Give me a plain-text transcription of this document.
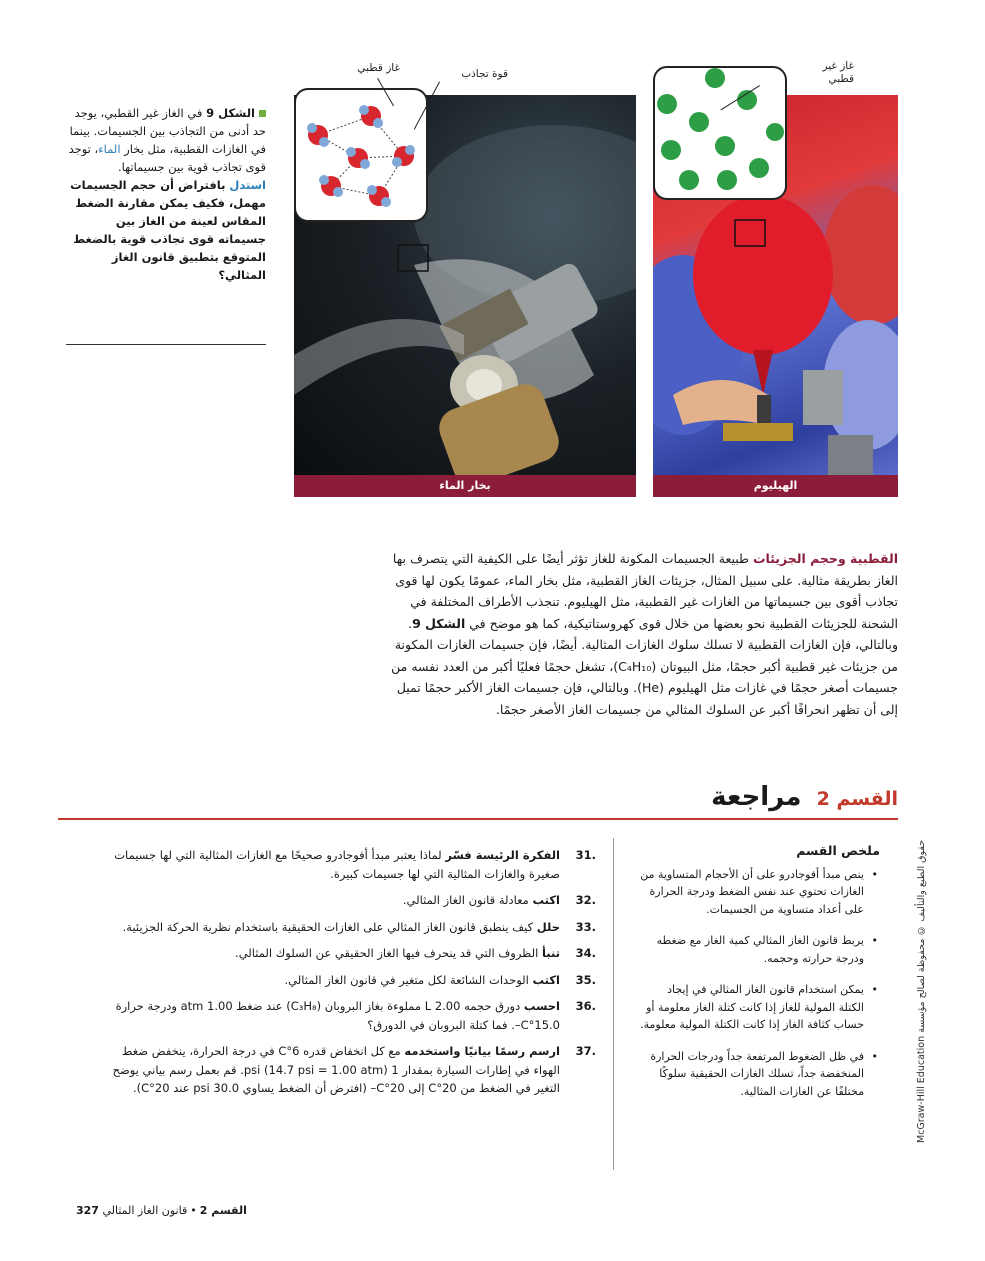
الشكل 9 في الغاز غير القطبي، يوجد حد أدنى من التجاذب بين الجسيمات. بينما في الغازات القطبية، مثل بخار الماء، توجد قوى تجاذب قوية بين جسيماتها.
استدل بافتراض أن حجم الجسيمات مهمل، فكيف يمكن مقارنة الضغط المقاس لعينة من الغاز بين جسيماته قوى تجاذب قوية بالضغط المتوقع بتطبيق قانون الغاز المثالي؟
بخار الماء	الهيليوم
غاز قطبي	قوة تجاذب
غاز غير قطبي
القطبية وحجم الجزيئات طبيعة الجسيمات المكونة للغاز تؤثر أيضًا على الكيفية التي يتصرف بها الغاز بطريقة مثالية. على سبيل المثال، جزيئات الغاز القطبية، مثل بخار الماء، عمومًا يكون لها قوى تجاذب أقوى بين جسيماتها من الغازات غير القطبية، مثل الهيليوم. تنجذب الأطراف المختلفة في الشحنة للجزيئات القطبية نحو بعضها من خلال قوى كهروستاتيكية، كما هو موضح في الشكل 9. وبالتالي، فإن الغازات القطبية لا تسلك سلوك الغازات المثالية. أيضًا، فإن جسيمات الغازات المكونة من جزيئات غير قطبية أكبر حجمًا، مثل البيوتان (C₄H₁₀)، تشغل حجمًا فعليًا أكبر من العدد نفسه من جسيمات أصغر حجمًا في غازات مثل الهيليوم (He). وبالتالي، فإن جسيمات الغاز الأكبر حجمًا تميل إلى أن تظهر انحرافًا أكبر عن السلوك المثالي من جسيمات الغاز الأصغر حجمًا.
القسم 2 مراجعة
ملخص القسم
• ينص مبدأ أفوجادرو على أن الأحجام المتساوية من الغازات تحتوي عند نفس الضغط ودرجة الحرارة على أعداد متساوية من الجسيمات.
• يربط قانون الغاز المثالي كمية الغاز مع ضغطه ودرجة حرارته وحجمه.
• يمكن استخدام قانون الغاز المثالي في إيجاد الكتلة المولية للغاز إذا كانت كتلة الغاز معلومة أو حساب كثافة الغاز إذا كانت الكتلة المولية معلومة.
• في ظل الضغوط المرتفعة جداً ودرجات الحرارة المنخفضة جداً، تسلك الغازات الحقيقية سلوكًا مختلفًا عن الغازات المثالية.
31.
الفكرة الرئيسة فسّر لماذا يعتبر مبدأ أفوجادرو صحيحًا مع الغازات المثالية التي لها جسيمات صغيرة والغازات المثالية التي لها جسيمات كبيرة.
32.
اكتب معادلة قانون الغاز المثالي.
33.
حلل كيف ينطبق قانون الغاز المثالي على الغازات الحقيقية باستخدام نظرية الحركة الجزيئية.
34.
تنبأ الظروف التي قد ينحرف فيها الغاز الحقيقي عن السلوك المثالي.
35.
اكتب الوحدات الشائعة لكل متغير في قانون الغاز المثالي.
36.
احسب دورق حجمه 2.00 L مملوءة بغاز البروبان (C₃H₈) عند ضغط 1.00 atm ودرجة حرارة 15.0°C–. فما كتلة البروبان في الدورق؟
37.
ارسم رسمًا بيانيًا واستخدمه مع كل انخفاض قدره 6°C في درجة الحرارة، ينخفض ضغط الهواء في إطارات السيارة بمقدار 1 psi (14.7 psi = 1.00 atm). قم بعمل رسم بياني يوضح التغير في الضغط من 20°C إلى 20°C– (افترض أن الضغط يساوي 30.0 psi عند 20°C).	حقوق الطبع والتأليف © محفوظة لصالح مؤسسة McGraw-Hill Education
327	القسم 2•قانون الغاز المثالي
